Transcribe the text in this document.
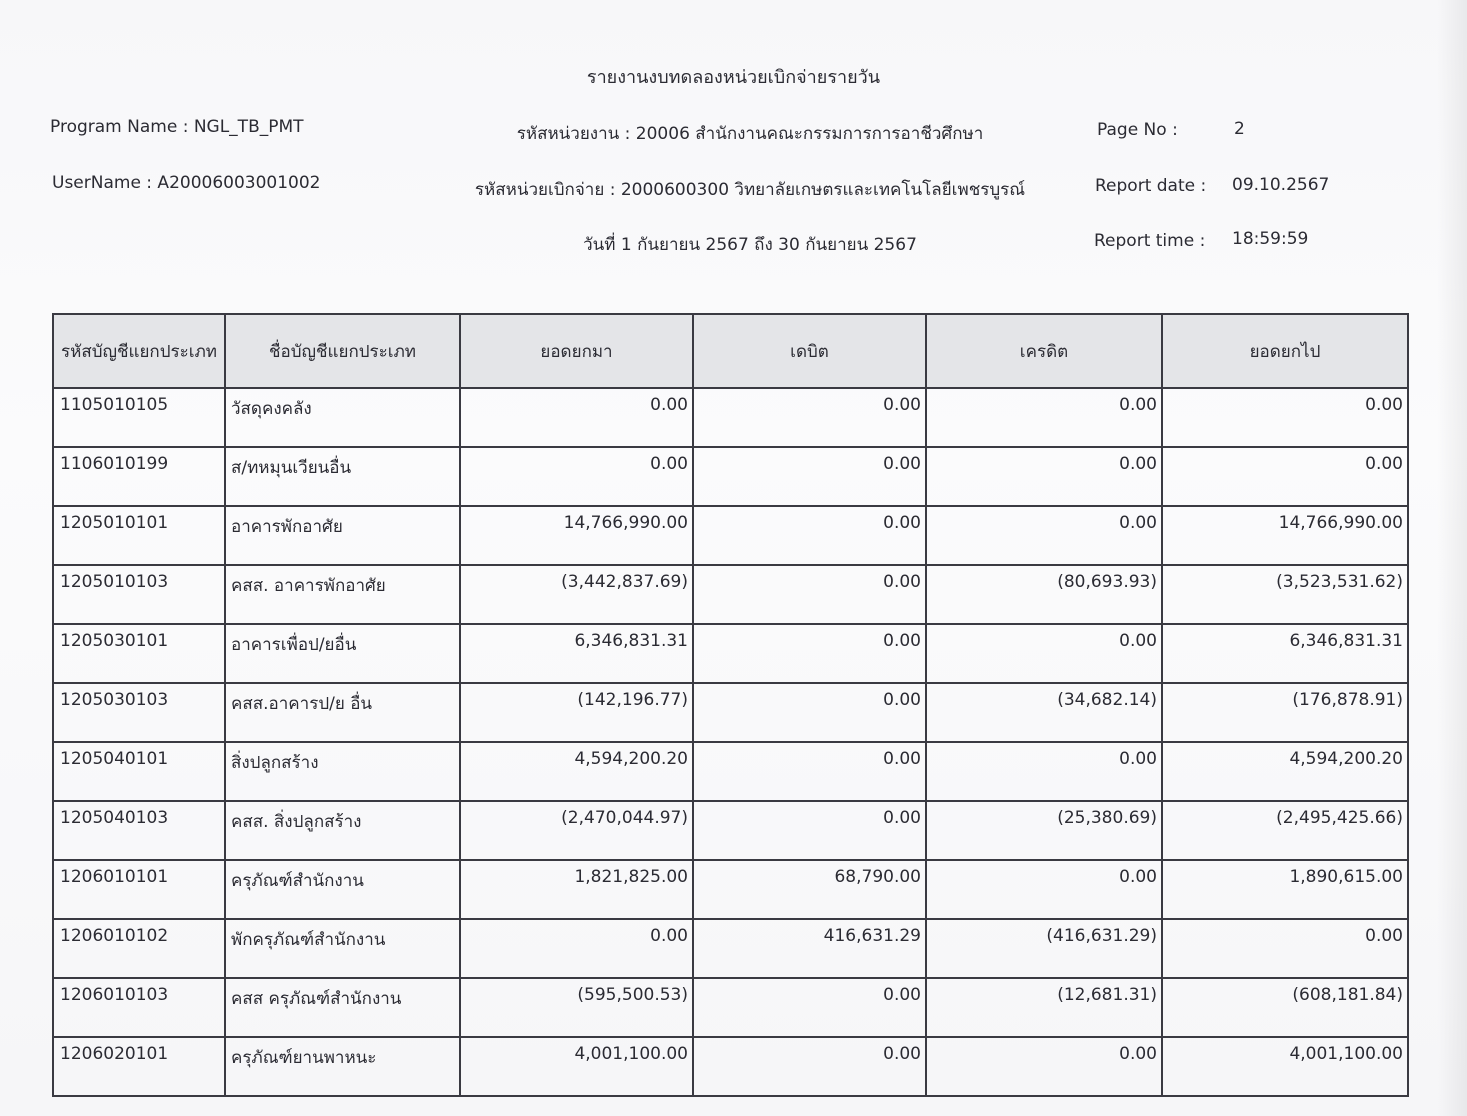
รายงานงบทดลองหน่วยเบิกจ่ายรายวัน
Program Name : NGL_TB_PMT
UserName : A20006003001002
รหัสหน่วยงาน : 20006 สำนักงานคณะกรรมการการอาชีวศึกษา
รหัสหน่วยเบิกจ่าย : 2000600300 วิทยาลัยเกษตรและเทคโนโลยีเพชรบูรณ์
วันที่ 1 กันยายน 2567 ถึง 30 กันยายน 2567
Page No :	2
Report date : 09.10.2567
Report time : 18:59:59
รหัสบัญชีแยกประเภท	ชื่อบัญชีแยกประเภท	ยอดยกมา	เดบิต	เครดิต	ยอดยกไป
1105010105	วัสดุคงคลัง	0.00	0.00	0.00	0.00
1106010199	ส/ทหมุนเวียนอื่น	0.00	0.00	0.00	0.00
1205010101	อาคารพักอาศัย	14,766,990.00	0.00	0.00	14,766,990.00
1205010103	คสส. อาคารพักอาศัย	(3,442,837.69)	0.00	(80,693.93)	(3,523,531.62)
1205030101	อาคารเพื่อป/ยอื่น	6,346,831.31	0.00	0.00	6,346,831.31
1205030103	คสส.อาคารป/ย อื่น	(142,196.77)	0.00	(34,682.14)	(176,878.91)
1205040101	สิ่งปลูกสร้าง	4,594,200.20	0.00	0.00	4,594,200.20
1205040103	คสส. สิ่งปลูกสร้าง	(2,470,044.97)	0.00	(25,380.69)	(2,495,425.66)
1206010101	ครุภัณฑ์สำนักงาน	1,821,825.00	68,790.00	0.00	1,890,615.00
1206010102	พักครุภัณฑ์สำนักงาน	0.00	416,631.29	(416,631.29)	0.00
1206010103	คสส ครุภัณฑ์สำนักงาน	(595,500.53)	0.00	(12,681.31)	(608,181.84)
1206020101	ครุภัณฑ์ยานพาหนะ	4,001,100.00	0.00	0.00	4,001,100.00
